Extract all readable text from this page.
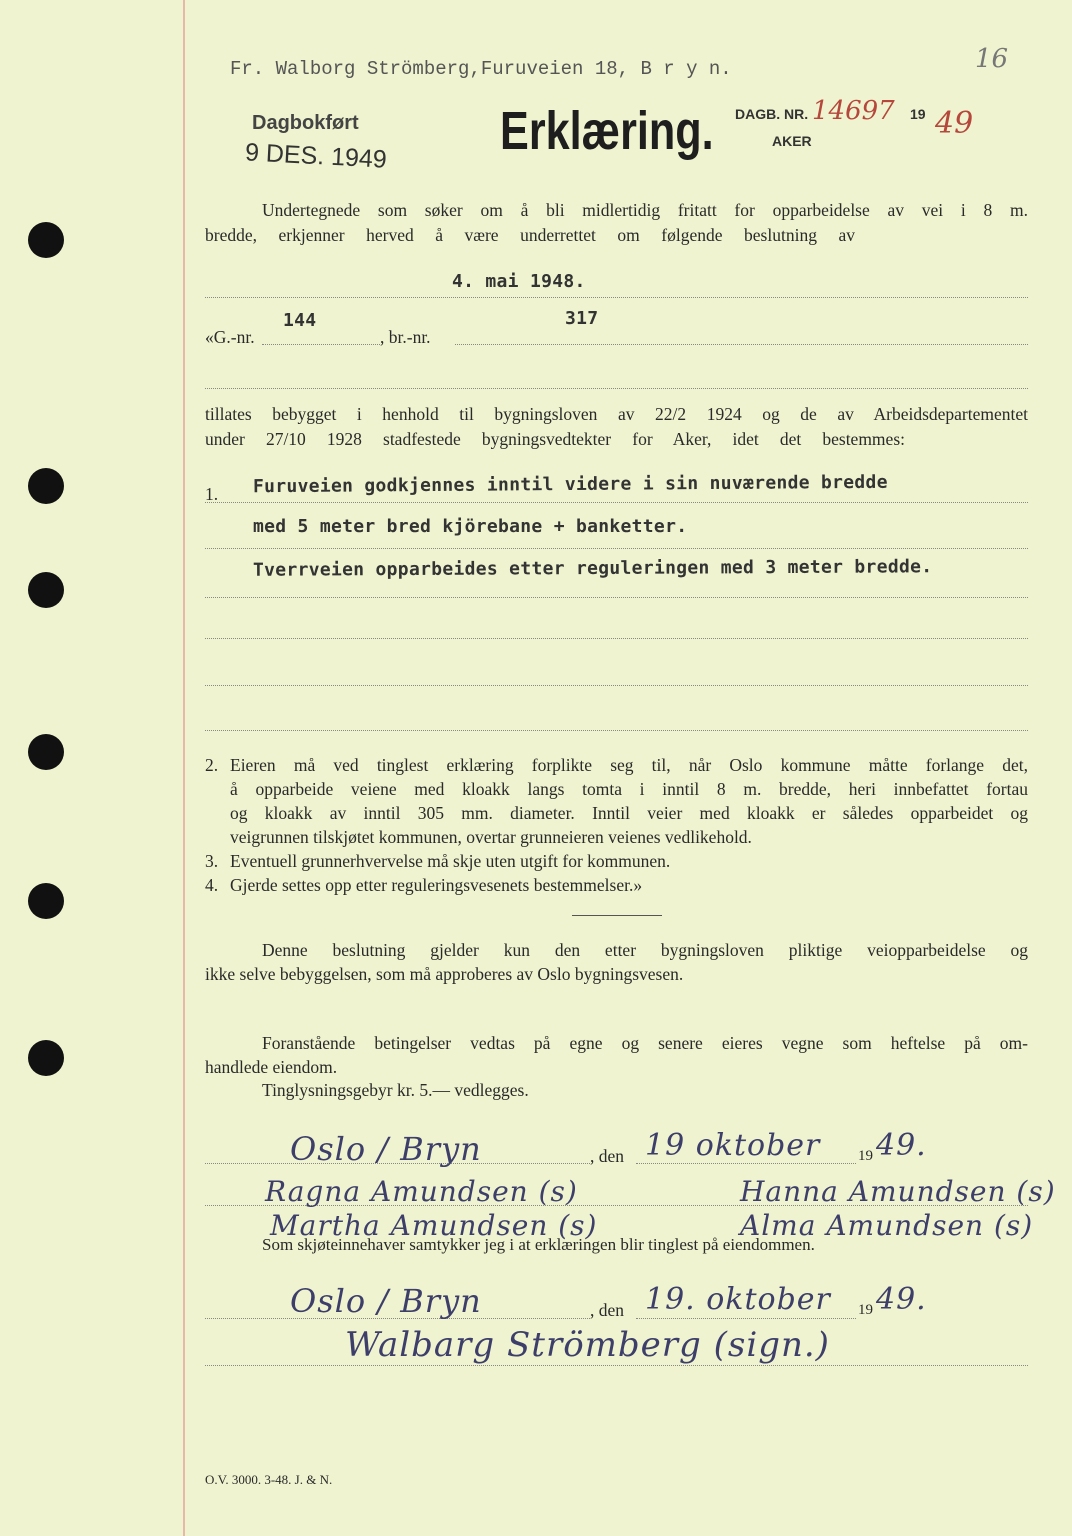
Fr. Walborg Strömberg,Furuveien 18, B r y n.	16
Dagbokført
9 DES. 1949 Erklæring. DAGB. NR. 14697 19 49
AKER
Undertegnede som søker om å bli midlertidig fritatt for opparbeidelse av vei i 8 m.
bredde, erkjenner herved å være underrettet om følgende beslutning av
4. mai 1948.
«G.-nr.
144
, br.-nr.
317
tillates bebygget i henhold til bygningsloven av 22/2 1924 og de av Arbeidsdepartementet
under 27/10 1928 stadfestede bygningsvedtekter for Aker, idet det bestemmes:
1. Furuveien godkjennes inntil videre i sin nuværende bredde
med 5 meter bred kjörebane + banketter.
Tverrveien opparbeides etter reguleringen med 3 meter bredde.
2. Eieren må ved tinglest erklæring forplikte seg til, når Oslo kommune måtte forlange det,
å opparbeide veiene med kloakk langs tomta i inntil 8 m. bredde, heri innbefattet fortau
og kloakk av inntil 305 mm. diameter. Inntil veier med kloakk er således opparbeidet og
veigrunnen tilskjøtet kommunen, overtar grunneieren veienes vedlikehold.
3. Eventuell grunnerhvervelse må skje uten utgift for kommunen.
4. Gjerde settes opp etter reguleringsvesenets bestemmelser.»
Denne beslutning gjelder kun den etter bygningsloven pliktige veiopparbeidelse og
ikke selve bebyggelsen, som må approberes av Oslo bygningsvesen.
Foranstående betingelser vedtas på egne og senere eieres vegne som heftelse på om-
handlede eiendom.
Tinglysningsgebyr kr. 5.— vedlegges.
Oslo / Bryn	, den 19 oktober	19 49.
Ragna Amundsen (s)	Hanna Amundsen (s)
Martha Amundsen (s)	Alma Amundsen (s)
Som skjøteinnehaver samtykker jeg i at erklæringen blir tinglest på eiendommen.
Oslo / Bryn	, den 19. oktober 19 49.
Walbarg Strömberg (sign.)
O.V. 3000. 3-48. J. & N.
